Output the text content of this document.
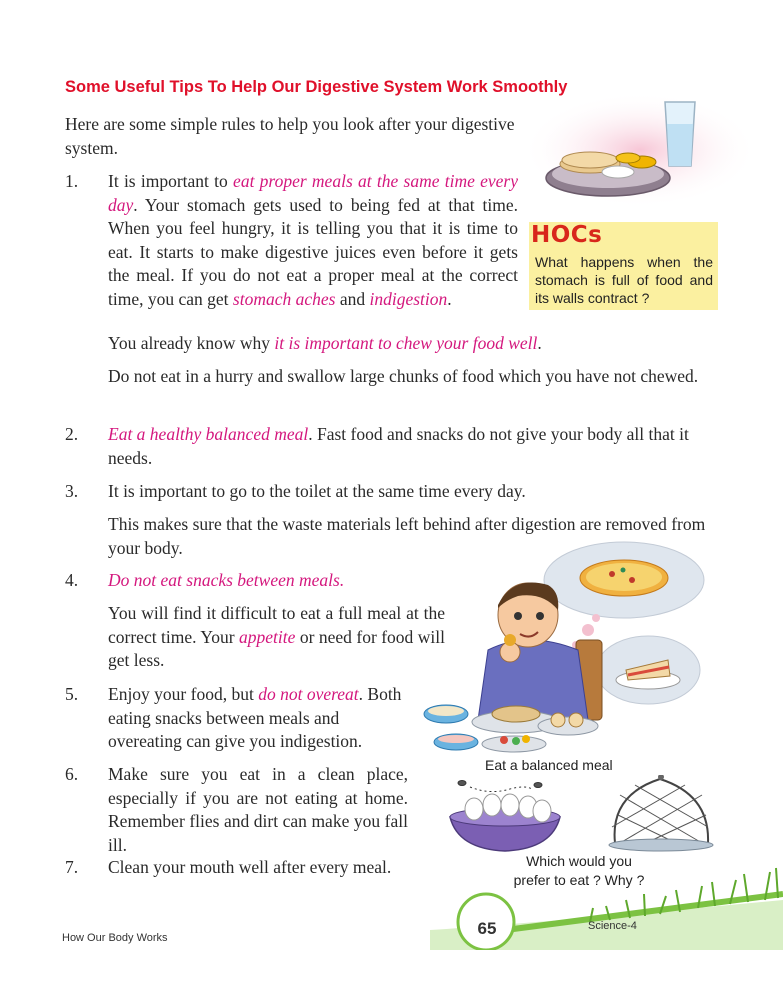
Some Useful Tips To Help Our Digestive System Work Smoothly
Here are some simple rules to help you look after your digestive system.
1. It is important to eat proper meals at the same time every day. Your stomach gets used to being fed at that time. When you feel hungry, it is telling you that it is time to eat. It starts to make digestive juices even before it gets the meal. If you do not eat a proper meal at the correct time, you can get stomach aches and indigestion.
You already know why it is important to chew your food well.
Do not eat in a hurry and swallow large chunks of food which you have not chewed.
2. Eat a healthy balanced meal. Fast food and snacks do not give your body all that it needs.
3. It is important to go to the toilet at the same time every day.
This makes sure that the waste materials left behind after digestion are removed from your body.
4. Do not eat snacks between meals.
You will find it difficult to eat a full meal at the correct time. Your appetite or need for food will get less.
5. Enjoy your food, but do not overeat. Both eating snacks between meals and overeating can give you indigestion.
6. Make sure you eat in a clean place, especially if you are not eating at home. Remember flies and dirt can make you fall ill.
7. Clean your mouth well after every meal.
HOCs
What happens when the stomach is full of food and its walls contract ?
Eat a balanced meal
Which would you
prefer to eat ? Why ?
65
How Our Body Works
Science-4
